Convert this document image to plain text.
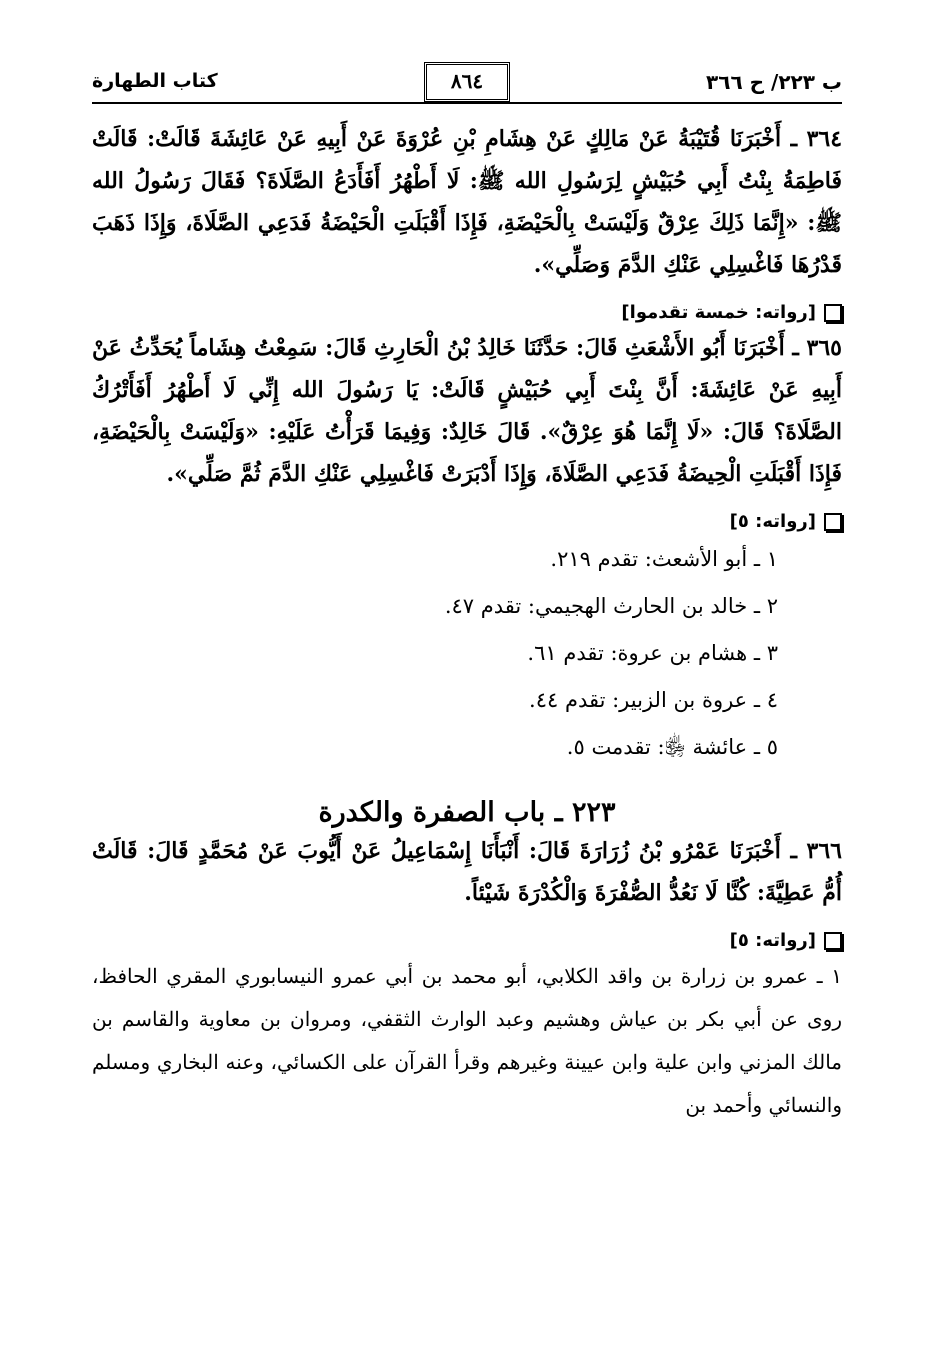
ب ٢٢٣/ ح ٣٦٦
٨٦٤
كتاب الطهارة

٣٦٤ ـ أَخْبَرَنَا قُتَيْبَةُ عَنْ مَالِكٍ عَنْ هِشَامِ بْنِ عُرْوَةَ عَنْ أَبِيهِ عَنْ عَائِشَةَ قَالَتْ: قَالَتْ فَاطِمَةُ بِنْتُ أَبِي حُبَيْشٍ لِرَسُولِ الله ﷺ: لَا أَطْهُرُ أَفَأَدَعُ الصَّلَاةَ؟ فَقَالَ رَسُولُ الله ﷺ: «إِنَّمَا ذَلِكَ عِرْقٌ وَلَيْسَتْ بِالْحَيْضَةِ، فَإِذَا أَقْبَلَتِ الْحَيْضَةُ فَدَعِي الصَّلَاةَ، وَإِذَا ذَهَبَ قَدْرُهَا فَاغْسِلِي عَنْكِ الدَّمَ وَصَلِّي».

[رواته: خمسة تقدموا]

٣٦٥ ـ أَخْبَرَنَا أَبُو الأَشْعَثِ قَالَ: حَدَّثَنَا خَالِدُ بْنُ الْحَارِثِ قَالَ: سَمِعْتُ هِشَاماً يُحَدِّثُ عَنْ أَبِيهِ عَنْ عَائِشَةَ: أَنَّ بِنْتَ أَبِي حُبَيْشٍ قَالَتْ: يَا رَسُولَ الله إِنِّي لَا أَطْهُرُ أَفَأَتْرُكُ الصَّلَاةَ؟ قَالَ: «لَا إِنَّمَا هُوَ عِرْقٌ». قَالَ خَالِدٌ: وَفِيمَا قَرَأْتُ عَلَيْهِ: «وَلَيْسَتْ بِالْحَيْضَةِ، فَإِذَا أَقْبَلَتِ الْحِيضَةُ فَدَعِي الصَّلَاةَ، وَإِذَا أَدْبَرَتْ فَاغْسِلِي عَنْكِ الدَّمَ ثُمَّ صَلِّي».

[رواته: ٥]
١ ـ أبو الأشعث: تقدم ٢١٩.
٢ ـ خالد بن الحارث الهجيمي: تقدم ٤٧.
٣ ـ هشام بن عروة: تقدم ٦١.
٤ ـ عروة بن الزبير: تقدم ٤٤.
٥ ـ عائشة ﵂: تقدمت ٥.
٢٢٣ ـ باب الصفرة والكدرة

٣٦٦ ـ أَخْبَرَنَا عَمْرُو بْنُ زُرَارَةَ قَالَ: أَنْبَأَنَا إِسْمَاعِيلُ عَنْ أَيُّوبَ عَنْ مُحَمَّدٍ قَالَ: قَالَتْ أُمُّ عَطِيَّةَ: كُنَّا لَا نَعُدُّ الصُّفْرَةَ وَالْكُدْرَةَ شَيْئاً.

[رواته: ٥]

١ ـ عمرو بن زرارة بن واقد الكلابي، أبو محمد بن أبي عمرو النيسابوري المقري الحافظ، روى عن أبي بكر بن عياش وهشيم وعبد الوارث الثقفي، ومروان بن معاوية والقاسم بن مالك المزني وابن علية وابن عيينة وغيرهم وقرأ القرآن على الكسائي، وعنه البخاري ومسلم والنسائي وأحمد بن
